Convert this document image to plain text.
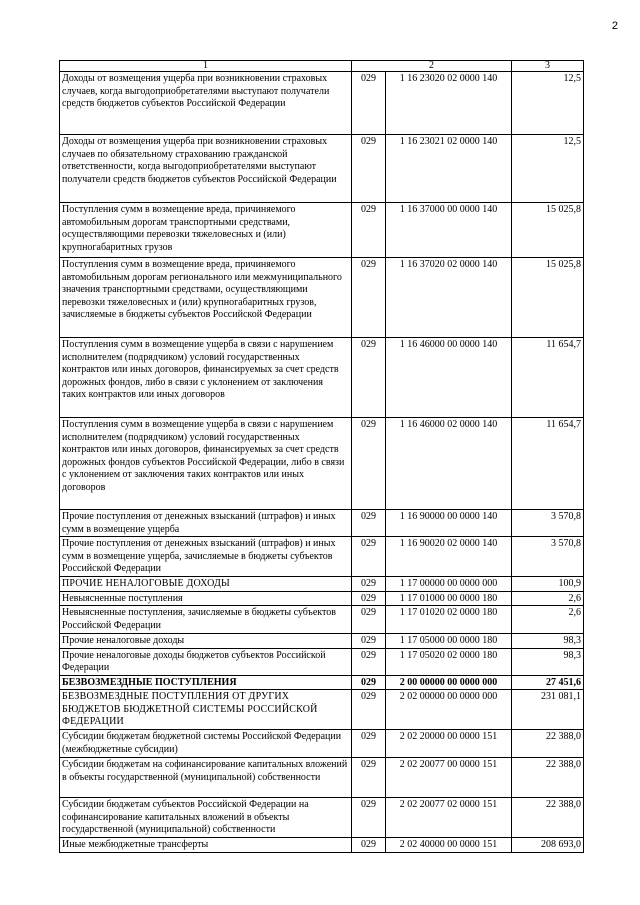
2
1	2		3
Доходы от возмещения ущерба при возникновении страховых случаев, когда выгодоприобретателями выступают получатели средств бюджетов субъектов Российской Федерации	029	1 16 23020 02 0000 140	12,5
Доходы от возмещения ущерба при возникновении страховых случаев по обязательному страхованию гражданской ответственности, когда выгодоприобретателями выступают получатели средств бюджетов субъектов Российской Федерации	029	1 16 23021 02 0000 140	12,5
Поступления сумм в возмещение вреда, причиняемого автомобильным дорогам транспортными средствами, осуществляющими перевозки тяжеловесных и (или) крупногабаритных грузов	029	1 16 37000 00 0000 140	15 025,8
Поступления сумм в возмещение вреда, причиняемого автомобильным дорогам регионального или межмуниципального значения транспортными средствами, осуществляющими перевозки тяжеловесных и (или) крупногабаритных грузов, зачисляемые в бюджеты субъектов Российской Федерации	029	1 16 37020 02 0000 140	15 025,8
Поступления сумм в возмещение ущерба в связи с нарушением исполнителем (подрядчиком) условий государственных контрактов или иных договоров, финансируемых за счет средств дорожных фондов, либо в связи с уклонением от заключения таких контрактов или иных договоров	029	1 16 46000 00 0000 140	11 654,7
Поступления сумм в возмещение ущерба в связи с нарушением исполнителем (подрядчиком) условий государственных контрактов или иных договоров, финансируемых за счет средств дорожных фондов субъектов Российской Федерации, либо в связи с уклонением от заключения таких контрактов или иных договоров	029	1 16 46000 02 0000 140	11 654,7
Прочие поступления от денежных взысканий (штрафов) и иных сумм в возмещение ущерба	029	1 16 90000 00 0000 140	3 570,8
Прочие поступления от денежных взысканий (штрафов) и иных сумм в возмещение ущерба, зачисляемые в бюджеты субъектов Российской Федерации	029	1 16 90020 02 0000 140	3 570,8
ПРОЧИЕ НЕНАЛОГОВЫЕ ДОХОДЫ	029	1 17 00000 00 0000 000	100,9
Невыясненные поступления	029	1 17 01000 00 0000 180	2,6
Невыясненные поступления, зачисляемые в бюджеты субъектов Российской Федерации	029	1 17 01020 02 0000 180	2,6
Прочие неналоговые доходы	029	1 17 05000 00 0000 180	98,3
Прочие неналоговые доходы бюджетов субъектов Российской Федерации	029	1 17 05020 02 0000 180	98,3
БЕЗВОЗМЕЗДНЫЕ ПОСТУПЛЕНИЯ	029	2 00 00000 00 0000 000	27 451,6
БЕЗВОЗМЕЗДНЫЕ ПОСТУПЛЕНИЯ ОТ ДРУГИХ БЮДЖЕТОВ БЮДЖЕТНОЙ СИСТЕМЫ РОССИЙСКОЙ ФЕДЕРАЦИИ	029	2 02 00000 00 0000 000	231 081,1
Субсидии бюджетам бюджетной системы Российской Федерации (межбюджетные субсидии)	029	2 02 20000 00 0000 151	22 388,0
Субсидии бюджетам на софинансирование капитальных вложений в объекты государственной (муниципальной) собственности	029	2 02 20077 00 0000 151	22 388,0
Субсидии бюджетам субъектов Российской Федерации на софинансирование капитальных вложений в объекты государственной (муниципальной) собственности	029	2 02 20077 02 0000 151	22 388,0
Иные межбюджетные трансферты	029	2 02 40000 00 0000 151	208 693,0
